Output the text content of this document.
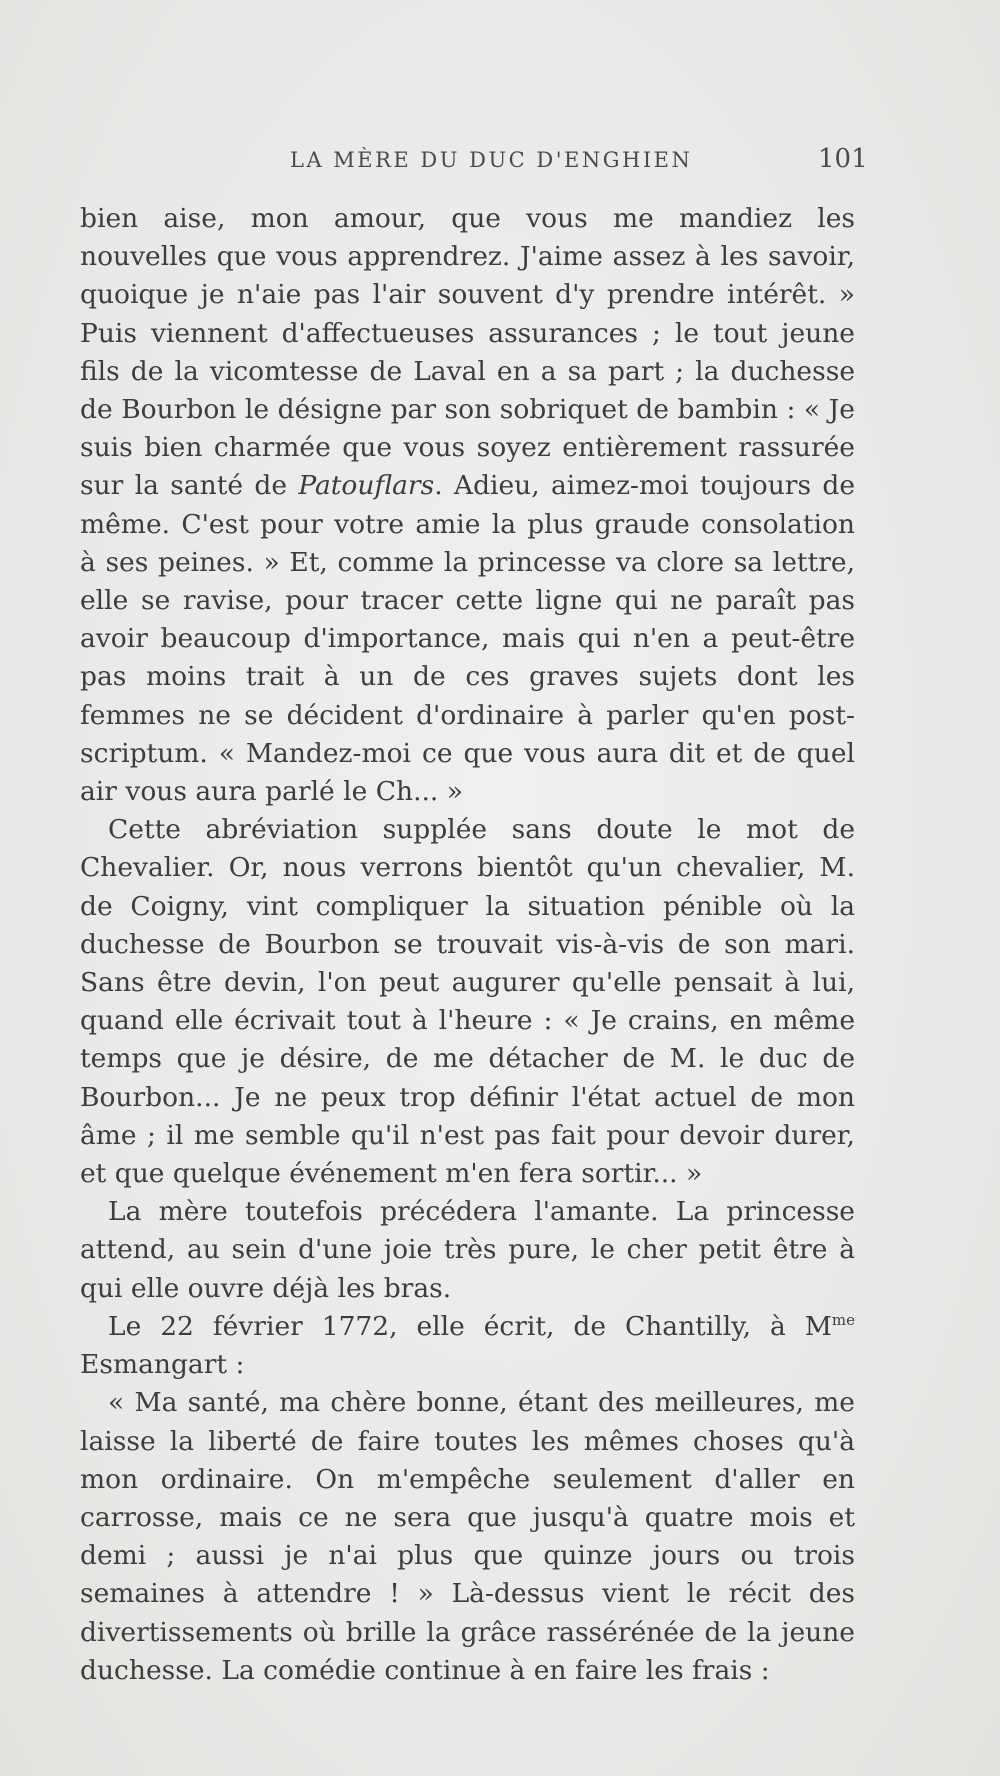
LA MÈRE DU DUC D'ENGHIEN	101

bien aise, mon amour, que vous me mandiez les nouvelles que vous apprendrez. J'aime assez à les savoir, quoique je n'aie pas l'air souvent d'y prendre intérêt. » Puis viennent d'affectueuses assurances ; le tout jeune fils de la vicomtesse de Laval en a sa part ; la duchesse de Bourbon le désigne par son sobriquet de bambin : « Je suis bien charmée que vous soyez entièrement rassurée sur la santé de Patouflars. Adieu, aimez-moi toujours de même. C'est pour votre amie la plus graude consolation à ses peines. » Et, comme la princesse va clore sa lettre, elle se ravise, pour tracer cette ligne qui ne paraît pas avoir beaucoup d'importance, mais qui n'en a peut-être pas moins trait à un de ces graves sujets dont les femmes ne se décident d'ordinaire à parler qu'en post-scriptum. « Mandez-moi ce que vous aura dit et de quel air vous aura parlé le Ch... »

Cette abréviation supplée sans doute le mot de Chevalier. Or, nous verrons bientôt qu'un chevalier, M. de Coigny, vint compliquer la situation pénible où la duchesse de Bourbon se trouvait vis-à-vis de son mari. Sans être devin, l'on peut augurer qu'elle pensait à lui, quand elle écrivait tout à l'heure : « Je crains, en même temps que je désire, de me détacher de M. le duc de Bourbon... Je ne peux trop définir l'état actuel de mon âme ; il me semble qu'il n'est pas fait pour devoir durer, et que quelque événement m'en fera sortir... »

La mère toutefois précédera l'amante. La princesse attend, au sein d'une joie très pure, le cher petit être à qui elle ouvre déjà les bras.

Le 22 février 1772, elle écrit, de Chantilly, à $M^{me}$ Esmangart :

« Ma santé, ma chère bonne, étant des meilleures, me laisse la liberté de faire toutes les mêmes choses qu'à mon ordinaire. On m'empêche seulement d'aller en carrosse, mais ce ne sera que jusqu'à quatre mois et demi ; aussi je n'ai plus que quinze jours ou trois semaines à attendre ! » Là-dessus vient le récit des divertissements où brille la grâce rassérénée de la jeune duchesse. La comédie continue à en faire les frais :
